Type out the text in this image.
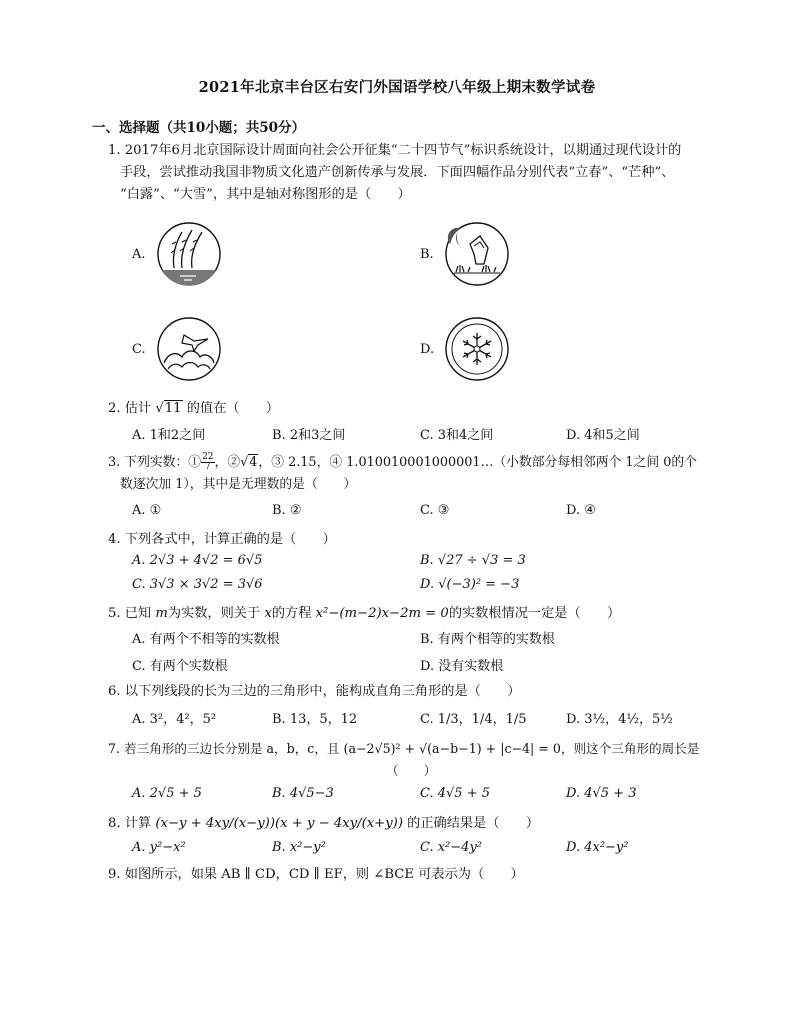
2021年北京丰台区右安门外国语学校八年级上期末数学试卷
一、选择题（共10小题；共50分）
1. 2017年6月北京国际设计周面向社会公开征集“二十四节气”标识系统设计，以期通过现代设计的
手段，尝试推动我国非物质文化遗产创新传承与发展．下面四幅作品分别代表“立春”、“芒种”、
“白露”、“大雪”，其中是轴对称图形的是（　　）
A.	B.
C.	D.
2. 估计 √11 的值在（　　）
A. 1和2之间	B. 2和3之间	C. 3和4之间	D. 4和5之间
3. 下列实数：① $\frac{22}{7}$ ，②√4，③ 2.15，④ 1.010010001000001…（小数部分每相邻两个 1之间 0的个
数逐次加 1），其中是无理数的是（　　）
A. ①	B. ②	C. ③	D. ④
4. 下列各式中，计算正确的是（　　）
A. 2√3 + 4√2 = 6√5	B. √27 ÷ √3 = 3
C. 3√3 × 3√2 = 3√6	D. √(−3)² = −3
5. 已知 m为实数，则关于 x的方程 x²−(m−2)x−2m = 0的实数根情况一定是（　　）
A. 有两个不相等的实数根	B. 有两个相等的实数根
C. 有两个实数根	D. 没有实数根
6. 以下列线段的长为三边的三角形中，能构成直角三角形的是（　　）
A. 3²，4²，5²	B. 13，5，12	C. 1/3，1/4，1/5	D. 3½，4½，5½
7. 若三角形的三边长分别是 a，b，c，且 (a−2√5)² + √(a−b−1) + |c−4| = 0，则这个三角形的周长是
（　　）
A. 2√5 + 5	B. 4√5−3	C. 4√5 + 5	D. 4√5 + 3
8. 计算 (x−y + 4xy/(x−y))(x + y − 4xy/(x+y)) 的正确结果是（　　）
A. y²−x²	B. x²−y²	C. x²−4y²	D. 4x²−y²
9. 如图所示，如果 AB ∥ CD，CD ∥ EF，则 ∠BCE 可表示为（　　）
